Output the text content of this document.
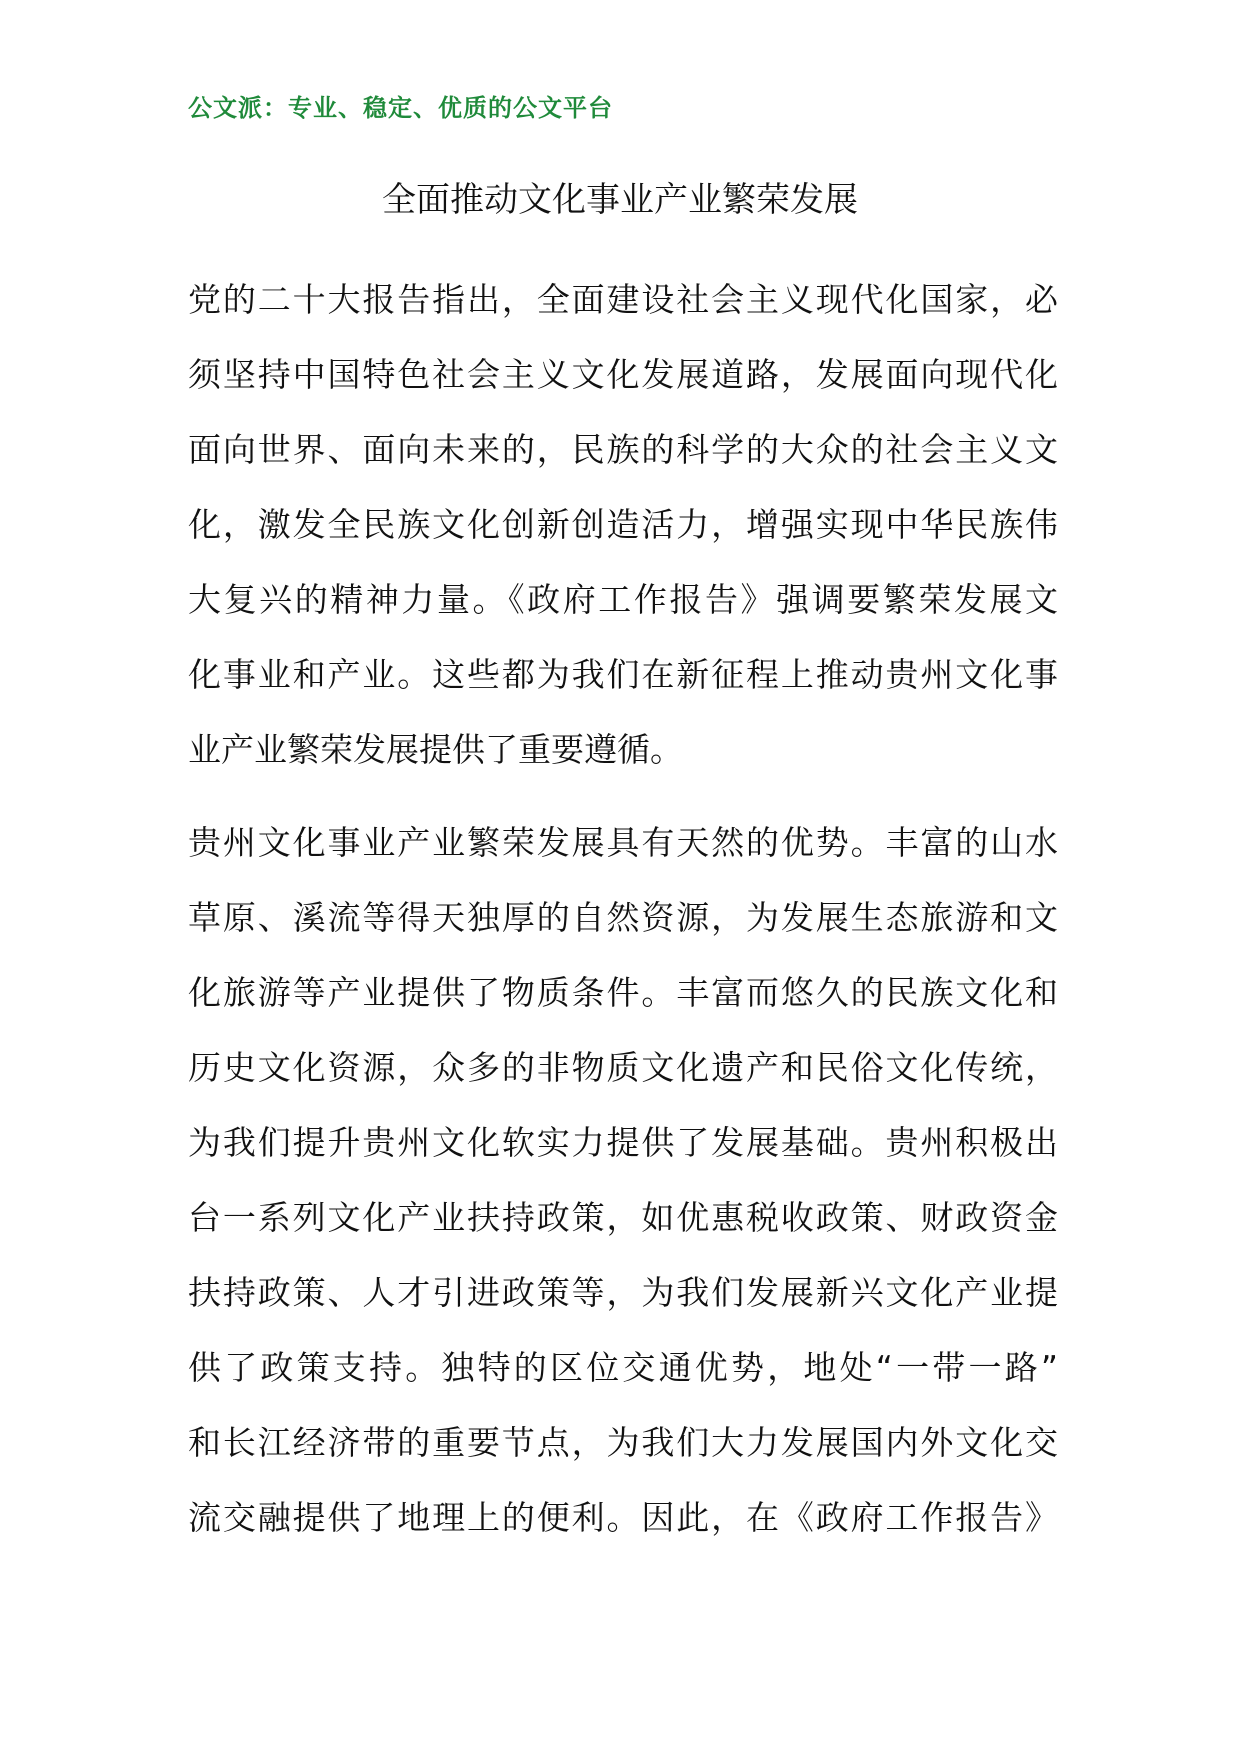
公文派：专业、稳定、优质的公文平台
全面推动文化事业产业繁荣发展
党的二十大报告指出，全面建设社会主义现代化国家，必
须坚持中国特色社会主义文化发展道路，发展面向现代化
面向世界、面向未来的，民族的科学的大众的社会主义文
化，激发全民族文化创新创造活力，增强实现中华民族伟
大复兴的精神力量。《政府工作报告》强调要繁荣发展文
化事业和产业。这些都为我们在新征程上推动贵州文化事
业产业繁荣发展提供了重要遵循。
贵州文化事业产业繁荣发展具有天然的优势。丰富的山水
草原、溪流等得天独厚的自然资源，为发展生态旅游和文
化旅游等产业提供了物质条件。丰富而悠久的民族文化和
历史文化资源，众多的非物质文化遗产和民俗文化传统，
为我们提升贵州文化软实力提供了发展基础。贵州积极出
台一系列文化产业扶持政策，如优惠税收政策、财政资金
扶持政策、人才引进政策等，为我们发展新兴文化产业提
供了政策支持。独特的区位交通优势，地处“一带一路”
和长江经济带的重要节点，为我们大力发展国内外文化交
流交融提供了地理上的便利。因此，在《政府工作报告》
